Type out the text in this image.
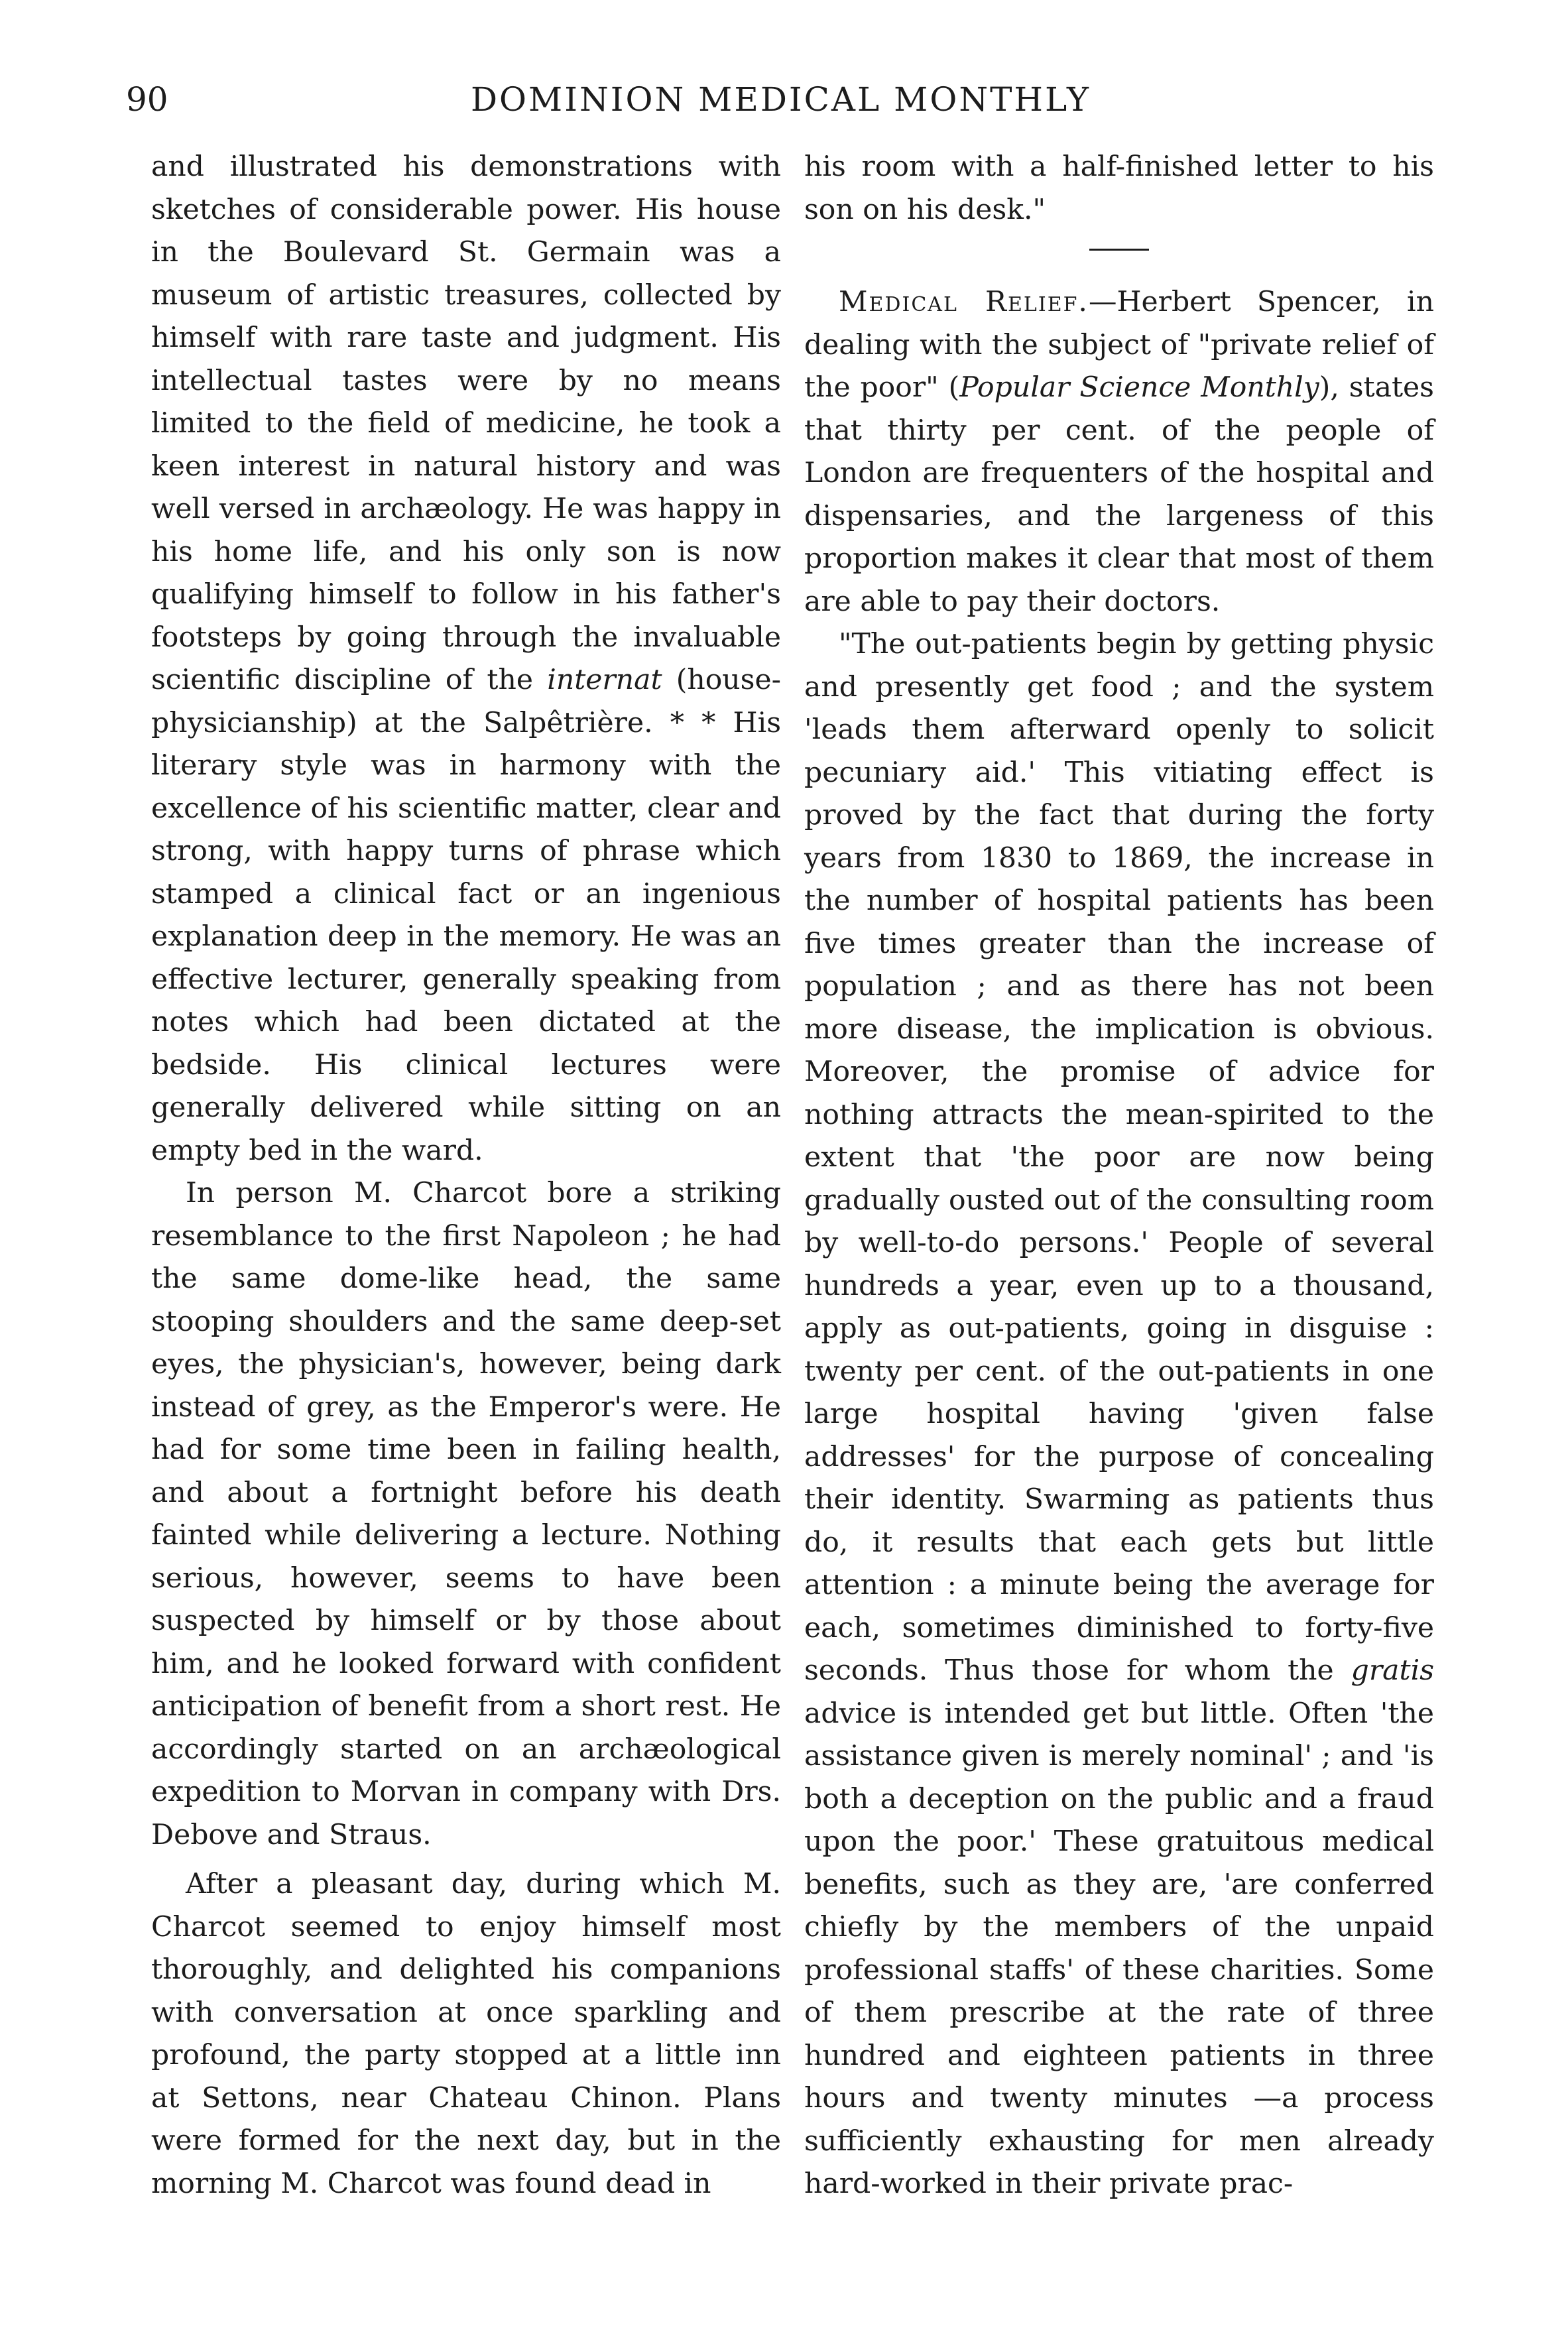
90	DOMINION MEDICAL MONTHLY

and illustrated his demonstrations with sketches of considerable power. His house in the Boulevard St. Germain was a museum of artistic treasures, collected by himself with rare taste and judgment. His intellectual tastes were by no means limited to the field of medicine, he took a keen interest in natural history and was well versed in archæology. He was happy in his home life, and his only son is now qualifying himself to follow in his father's footsteps by going through the invaluable scientific discipline of the internat (house-physicianship) at the Salpêtrière. * * His literary style was in harmony with the excellence of his scientific matter, clear and strong, with happy turns of phrase which stamped a clinical fact or an ingenious explanation deep in the memory. He was an effective lecturer, generally speaking from notes which had been dictated at the bedside. His clinical lectures were generally delivered while sitting on an empty bed in the ward.

In person M. Charcot bore a striking resemblance to the first Napoleon ; he had the same dome-like head, the same stooping shoulders and the same deep-set eyes, the physician's, however, being dark instead of grey, as the Emperor's were. He had for some time been in failing health, and about a fortnight before his death fainted while delivering a lecture. Nothing serious, however, seems to have been suspected by himself or by those about him, and he looked forward with confident anticipation of benefit from a short rest. He accordingly started on an archæological expedition to Morvan in company with Drs. Debove and Straus.

After a pleasant day, during which M. Charcot seemed to enjoy himself most thoroughly, and delighted his companions with conversation at once sparkling and profound, the party stopped at a little inn at Settons, near Chateau Chinon. Plans were formed for the next day, but in the morning M. Charcot was found dead in

his room with a half-finished letter to his son on his desk."

Medical Relief.—Herbert Spencer, in dealing with the subject of "private relief of the poor" (Popular Science Monthly), states that thirty per cent. of the people of London are frequenters of the hospital and dispensaries, and the largeness of this proportion makes it clear that most of them are able to pay their doctors.

"The out-patients begin by getting physic and presently get food ; and the system 'leads them afterward openly to solicit pecuniary aid.' This vitiating effect is proved by the fact that during the forty years from 1830 to 1869, the increase in the number of hospital patients has been five times greater than the increase of population ; and as there has not been more disease, the implication is obvious. Moreover, the promise of advice for nothing attracts the mean-spirited to the extent that 'the poor are now being gradually ousted out of the consulting room by well-to-do persons.' People of several hundreds a year, even up to a thousand, apply as out-patients, going in disguise : twenty per cent. of the out-patients in one large hospital having 'given false addresses' for the purpose of concealing their identity. Swarming as patients thus do, it results that each gets but little attention : a minute being the average for each, sometimes diminished to forty-five seconds. Thus those for whom the gratis advice is intended get but little. Often 'the assistance given is merely nominal' ; and 'is both a deception on the public and a fraud upon the poor.' These gratuitous medical benefits, such as they are, 'are conferred chiefly by the members of the unpaid professional staffs' of these charities. Some of them prescribe at the rate of three hundred and eighteen patients in three hours and twenty minutes —a process sufficiently exhausting for men already hard-worked in their private prac-
